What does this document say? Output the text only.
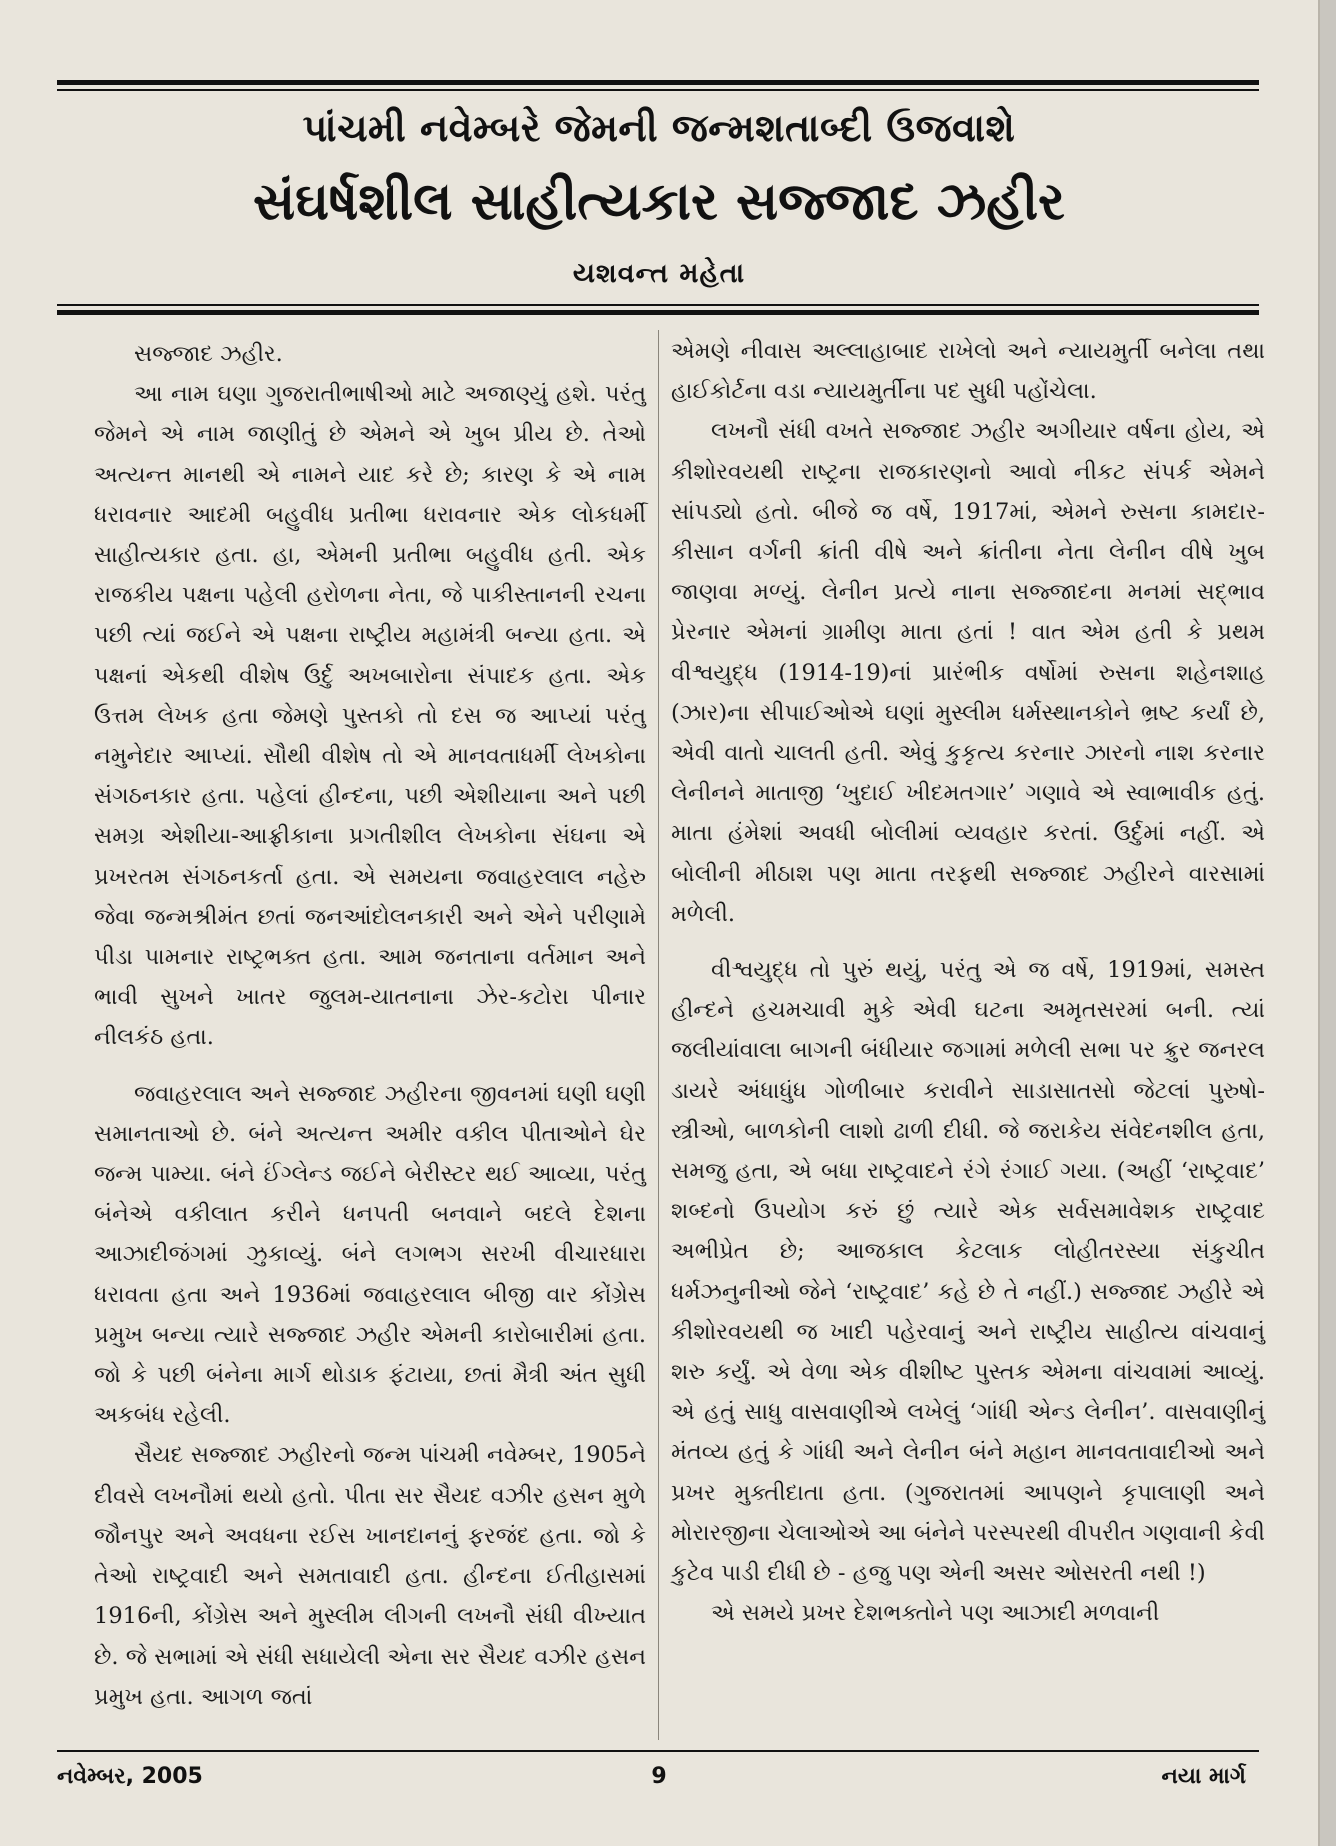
પાંચમી નવેમ્બરે જેમની જન્મશતાબ્દી ઉજવાશે
સંઘર્ષશીલ સાહીત્યકાર સજ્જાદ ઝહીર
યશવન્ત મહેતા

સજ્જાદ ઝહીર.

આ નામ ઘણા ગુજરાતીભાષીઓ માટે અજાણ્યું હશે. પરંતુ જેમને એ નામ જાણીતું છે એમને એ ખુબ પ્રીય છે. તેઓ અત્યન્ત માનથી એ નામને યાદ કરે છે; કારણ કે એ નામ ધરાવનાર આદમી બહુવીધ પ્રતીભા ધરાવનાર એક લોકધર્મી સાહીત્યકાર હતા. હા, એમની પ્રતીભા બહુવીધ હતી. એક રાજકીય પક્ષના પહેલી હરોળના નેતા, જે પાકીસ્તાનની રચના પછી ત્યાં જઈને એ પક્ષના રાષ્ટ્રીય મહામંત્રી બન્યા હતા. એ પક્ષનાં એકથી વીશેષ ઉર્દુ અખબારોના સંપાદક હતા. એક ઉત્તમ લેખક હતા જેમણે પુસ્તકો તો દસ જ આપ્યાં પરંતુ નમુનેદાર આપ્યાં. સૌથી વીશેષ તો એ માનવતાધર્મી લેખકોના સંગઠનકાર હતા. પહેલાં હીન્દના, પછી એશીયાના અને પછી સમગ્ર એશીયા-આફ્રીકાના પ્રગતીશીલ લેખકોના સંઘના એ પ્રખરતમ સંગઠનકર્તા હતા. એ સમયના જવાહરલાલ નહેરુ જેવા જન્મશ્રીમંત છતાં જનઆંદોલનકારી અને એને પરીણામે પીડા પામનાર રાષ્ટ્રભક્ત હતા. આમ જનતાના વર્તમાન અને ભાવી સુખને ખાતર જુલમ-યાતનાના ઝેર-કટોરા પીનાર નીલકંઠ હતા.

જવાહરલાલ અને સજ્જાદ ઝહીરના જીવનમાં ઘણી ઘણી સમાનતાઓ છે. બંને અત્યન્ત અમીર વકીલ પીતાઓને ઘેર જન્મ પામ્યા. બંને ઈંગ્લેન્ડ જઈને બેરીસ્ટર થઈ આવ્યા, પરંતુ બંનેએ વકીલાત કરીને ધનપતી બનવાને બદલે દેશના આઝાદીજંગમાં ઝુકાવ્યું. બંને લગભગ સરખી વીચારધારા ધરાવતા હતા અને 1936માં જવાહરલાલ બીજી વાર કોંગ્રેસ પ્રમુખ બન્યા ત્યારે સજ્જાદ ઝહીર એમની કારોબારીમાં હતા. જો કે પછી બંનેના માર્ગ થોડાક ફંટાયા, છતાં મૈત્રી અંત સુધી અકબંધ રહેલી.

સૈયદ સજ્જાદ ઝહીરનો જન્મ પાંચમી નવેમ્બર, 1905ને દીવસે લખનૌમાં થયો હતો. પીતા સર સૈયદ વઝીર હસન મુળે જૌનપુર અને અવધના રઈસ ખાનદાનનું ફરજંદ હતા. જો કે તેઓ રાષ્ટ્રવાદી અને સમતાવાદી હતા. હીન્દના ઈતીહાસમાં 1916ની, કોંગ્રેસ અને મુસ્લીમ લીગની લખનૌ સંધી વીખ્યાત છે. જે સભામાં એ સંધી સધાયેલી એના સર સૈયદ વઝીર હસન પ્રમુખ હતા. આગળ જતાં

એમણે નીવાસ અલ્લાહાબાદ રાખેલો અને ન્યાયમુર્તી બનેલા તથા હાઈકોર્ટના વડા ન્યાયમુર્તીના પદ સુધી પહોંચેલા.

લખનૌ સંધી વખતે સજ્જાદ ઝહીર અગીયાર વર્ષના હોય, એ કીશોરવયથી રાષ્ટ્રના રાજકારણનો આવો નીકટ સંપર્ક એમને સાંપડ્યો હતો. બીજે જ વર્ષે, 1917માં, એમને રુસના કામદાર-કીસાન વર્ગની ક્રાંતી વીષે અને ક્રાંતીના નેતા લેનીન વીષે ખુબ જાણવા મળ્યું. લેનીન પ્રત્યે નાના સજ્જાદના મનમાં સદ્ભાવ પ્રેરનાર એમનાં ગ્રામીણ માતા હતાં ! વાત એમ હતી કે પ્રથમ વીશ્વયુદ્ધ (1914-19)નાં પ્રારંભીક વર્ષોમાં રુસના શહેનશાહ (ઝાર)ના સીપાઈઓએ ઘણાં મુસ્લીમ ધર્મસ્થાનકોને ભ્રષ્ટ કર્યાં છે, એવી વાતો ચાલતી હતી. એવું કુકૃત્ય કરનાર ઝારનો નાશ કરનાર લેનીનને માતાજી ‘ખુદાઈ ખીદમતગાર’ ગણાવે એ સ્વાભાવીક હતું. માતા હંમેશાં અવધી બોલીમાં વ્યવહાર કરતાં. ઉર્દુમાં નહીં. એ બોલીની મીઠાશ પણ માતા તરફથી સજ્જાદ ઝહીરને વારસામાં મળેલી.

વીશ્વયુદ્ધ તો પુરું થયું, પરંતુ એ જ વર્ષે, 1919માં, સમસ્ત હીન્દને હચમચાવી મુકે એવી ઘટના અમૃતસરમાં બની. ત્યાં જલીયાંવાલા બાગની બંધીયાર જગામાં મળેલી સભા પર ક્રુર જનરલ ડાયરે અંધાધુંધ ગોળીબાર કરાવીને સાડાસાતસો જેટલાં પુરુષો-સ્ત્રીઓ, બાળકોની લાશો ઢાળી દીધી. જે જરાકેય સંવેદનશીલ હતા, સમજુ હતા, એ બધા રાષ્ટ્રવાદને રંગે રંગાઈ ગયા. (અહીં ‘રાષ્ટ્રવાદ’ શબ્દનો ઉપયોગ કરું છું ત્યારે એક સર્વસમાવેશક રાષ્ટ્રવાદ અભીપ્રેત છે; આજકાલ કેટલાક લોહીતરસ્યા સંકુચીત ધર્મઝનુનીઓ જેને ‘રાષ્ટ્રવાદ’ કહે છે તે નહીં.) સજ્જાદ ઝહીરે એ કીશોરવયથી જ ખાદી પહેરવાનું અને રાષ્ટ્રીય સાહીત્ય વાંચવાનું શરુ કર્યું. એ વેળા એક વીશીષ્ટ પુસ્તક એમના વાંચવામાં આવ્યું. એ હતું સાધુ વાસવાણીએ લખેલું ‘ગાંધી એન્ડ લેનીન’. વાસવાણીનું મંતવ્ય હતું કે ગાંધી અને લેનીન બંને મહાન માનવતાવાદીઓ અને પ્રખર મુક્તીદાતા હતા. (ગુજરાતમાં આપણને કૃપાલાણી અને મોરારજીના ચેલાઓએ આ બંનેને પરસ્પરથી વીપરીત ગણવાની કેવી કુટેવ પાડી દીધી છે - હજુ પણ એની અસર ઓસરતી નથી !)

એ સમયે પ્રખર દેશભક્તોને પણ આઝાદી મળવાની

નવેમ્બર, 2005	9	નયા માર્ગ
